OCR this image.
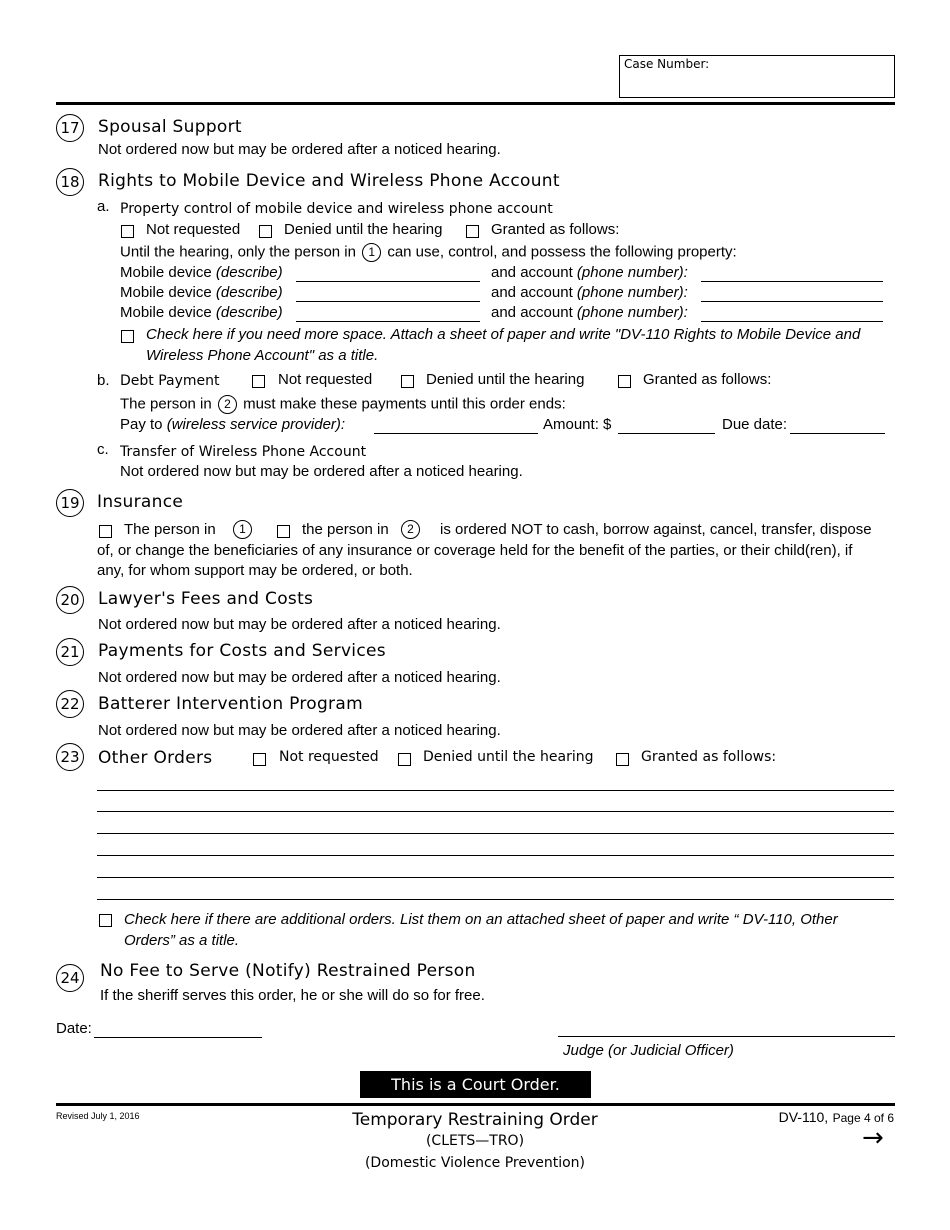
Case Number:
17 Spousal Support
Not ordered now but may be ordered after a noticed hearing.
18 Rights to Mobile Device and Wireless Phone Account
a. Property control of mobile device and wireless phone account
Not requested	Denied until the hearing	Granted as follows:
Until the hearing, only the person in 1 can use, control, and possess the following property:
Mobile device (describe)	and account (phone number):
Mobile device (describe)	and account (phone number):
Mobile device (describe)	and account (phone number):
Check here if you need more space. Attach a sheet of paper and write "DV-110 Rights to Mobile Device and
Wireless Phone Account" as a title.
b. Debt Payment	Not requested	Denied until the hearing	Granted as follows:
The person in 2 must make these payments until this order ends:
Pay to (wireless service provider):	Amount: $	Due date:
c. Transfer of Wireless Phone Account
Not ordered now but may be ordered after a noticed hearing.
19 Insurance
The person in	1	the person in	2	is ordered NOT to cash, borrow against, cancel, transfer, dispose
of, or change the beneficiaries of any insurance or coverage held for the benefit of the parties, or their child(ren), if
any, for whom support may be ordered, or both.
20 Lawyer's Fees and Costs
Not ordered now but may be ordered after a noticed hearing.
21 Payments for Costs and Services
Not ordered now but may be ordered after a noticed hearing.
22 Batterer Intervention Program
Not ordered now but may be ordered after a noticed hearing.
23 Other Orders	Not requested	Denied until the hearing	Granted as follows:
Check here if there are additional orders. List them on an attached sheet of paper and write “ DV-110, Other
Orders” as a title.
24 No Fee to Serve (Notify) Restrained Person
If the sheriff serves this order, he or she will do so for free.
Date:
Judge (or Judicial Officer)
This is a Court Order.
Revised July 1, 2016	Temporary Restraining Order
(CLETS—TRO)
(Domestic Violence Prevention)
DV-110, Page 4 of 6
→
